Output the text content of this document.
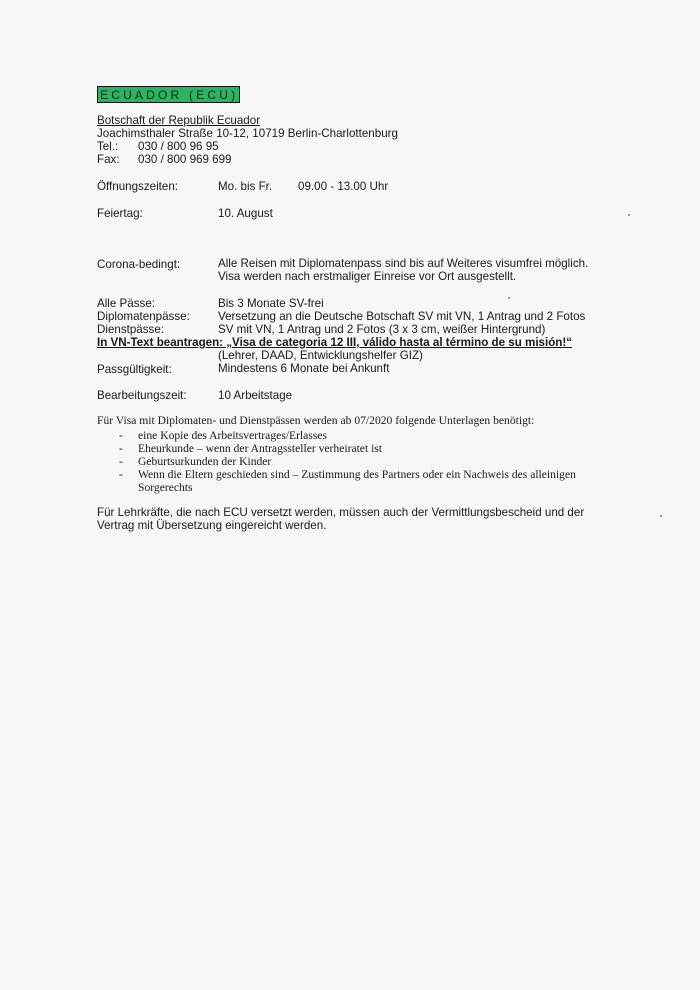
ECUADOR (ECU)
Botschaft der Republik Ecuador
Joachimsthaler Straße 10-12, 10719 Berlin-Charlottenburg
Tel.: 030 / 800 96 95
Fax: 030 / 800 969 699
Öffnungszeiten:	Mo. bis Fr. 09.00 - 13.00 Uhr
Feiertag:	10. August
Corona-bedingt:	Alle Reisen mit Diplomatenpass sind bis auf Weiteres visumfrei möglich.
Visa werden nach erstmaliger Einreise vor Ort ausgestellt.
Alle Pässe:	Bis 3 Monate SV-frei
Diplomatenpässe: Versetzung an die Deutsche Botschaft SV mit VN, 1 Antrag und 2 Fotos
Dienstpässe:	SV mit VN, 1 Antrag und 2 Fotos (3 x 3 cm, weißer Hintergrund)
In VN-Text beantragen: „Visa de categoria 12 III, válido hasta al término de su misión!“
(Lehrer, DAAD, Entwicklungshelfer GIZ)
Passgültigkeit:	Mindestens 6 Monate bei Ankunft
Bearbeitungszeit:	10 Arbeitstage
Für Visa mit Diplomaten- und Dienstpässen werden ab 07/2020 folgende Unterlagen benötigt:
- eine Kopie des Arbeitsvertrages/Erlasses
- Eheurkunde – wenn der Antragssteller verheiratet ist
- Geburtsurkunden der Kinder
- Wenn die Eltern geschieden sind – Zustimmung des Partners oder ein Nachweis des alleinigen
Sorgerechts
Für Lehrkräfte, die nach ECU versetzt werden, müssen auch der Vermittlungsbescheid und der
Vertrag mit Übersetzung eingereicht werden.
